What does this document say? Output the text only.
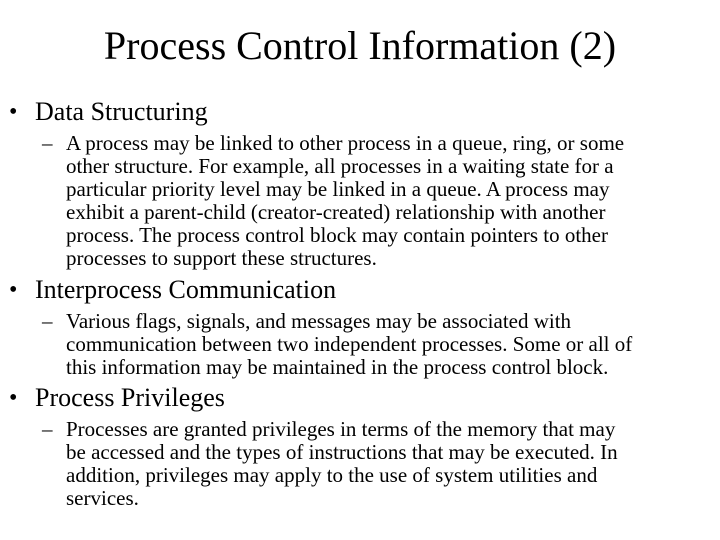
Process Control Information (2)
• Data Structuring
– A process may be linked to other process in a queue, ring, or some
other structure. For example, all processes in a waiting state for a
particular priority level may be linked in a queue. A process may
exhibit a parent-child (creator-created) relationship with another
process. The process control block may contain pointers to other
processes to support these structures.
• Interprocess Communication
– Various flags, signals, and messages may be associated with
communication between two independent processes. Some or all of
this information may be maintained in the process control block.
• Process Privileges
– Processes are granted privileges in terms of the memory that may
be accessed and the types of instructions that may be executed. In
addition, privileges may apply to the use of system utilities and
services.
